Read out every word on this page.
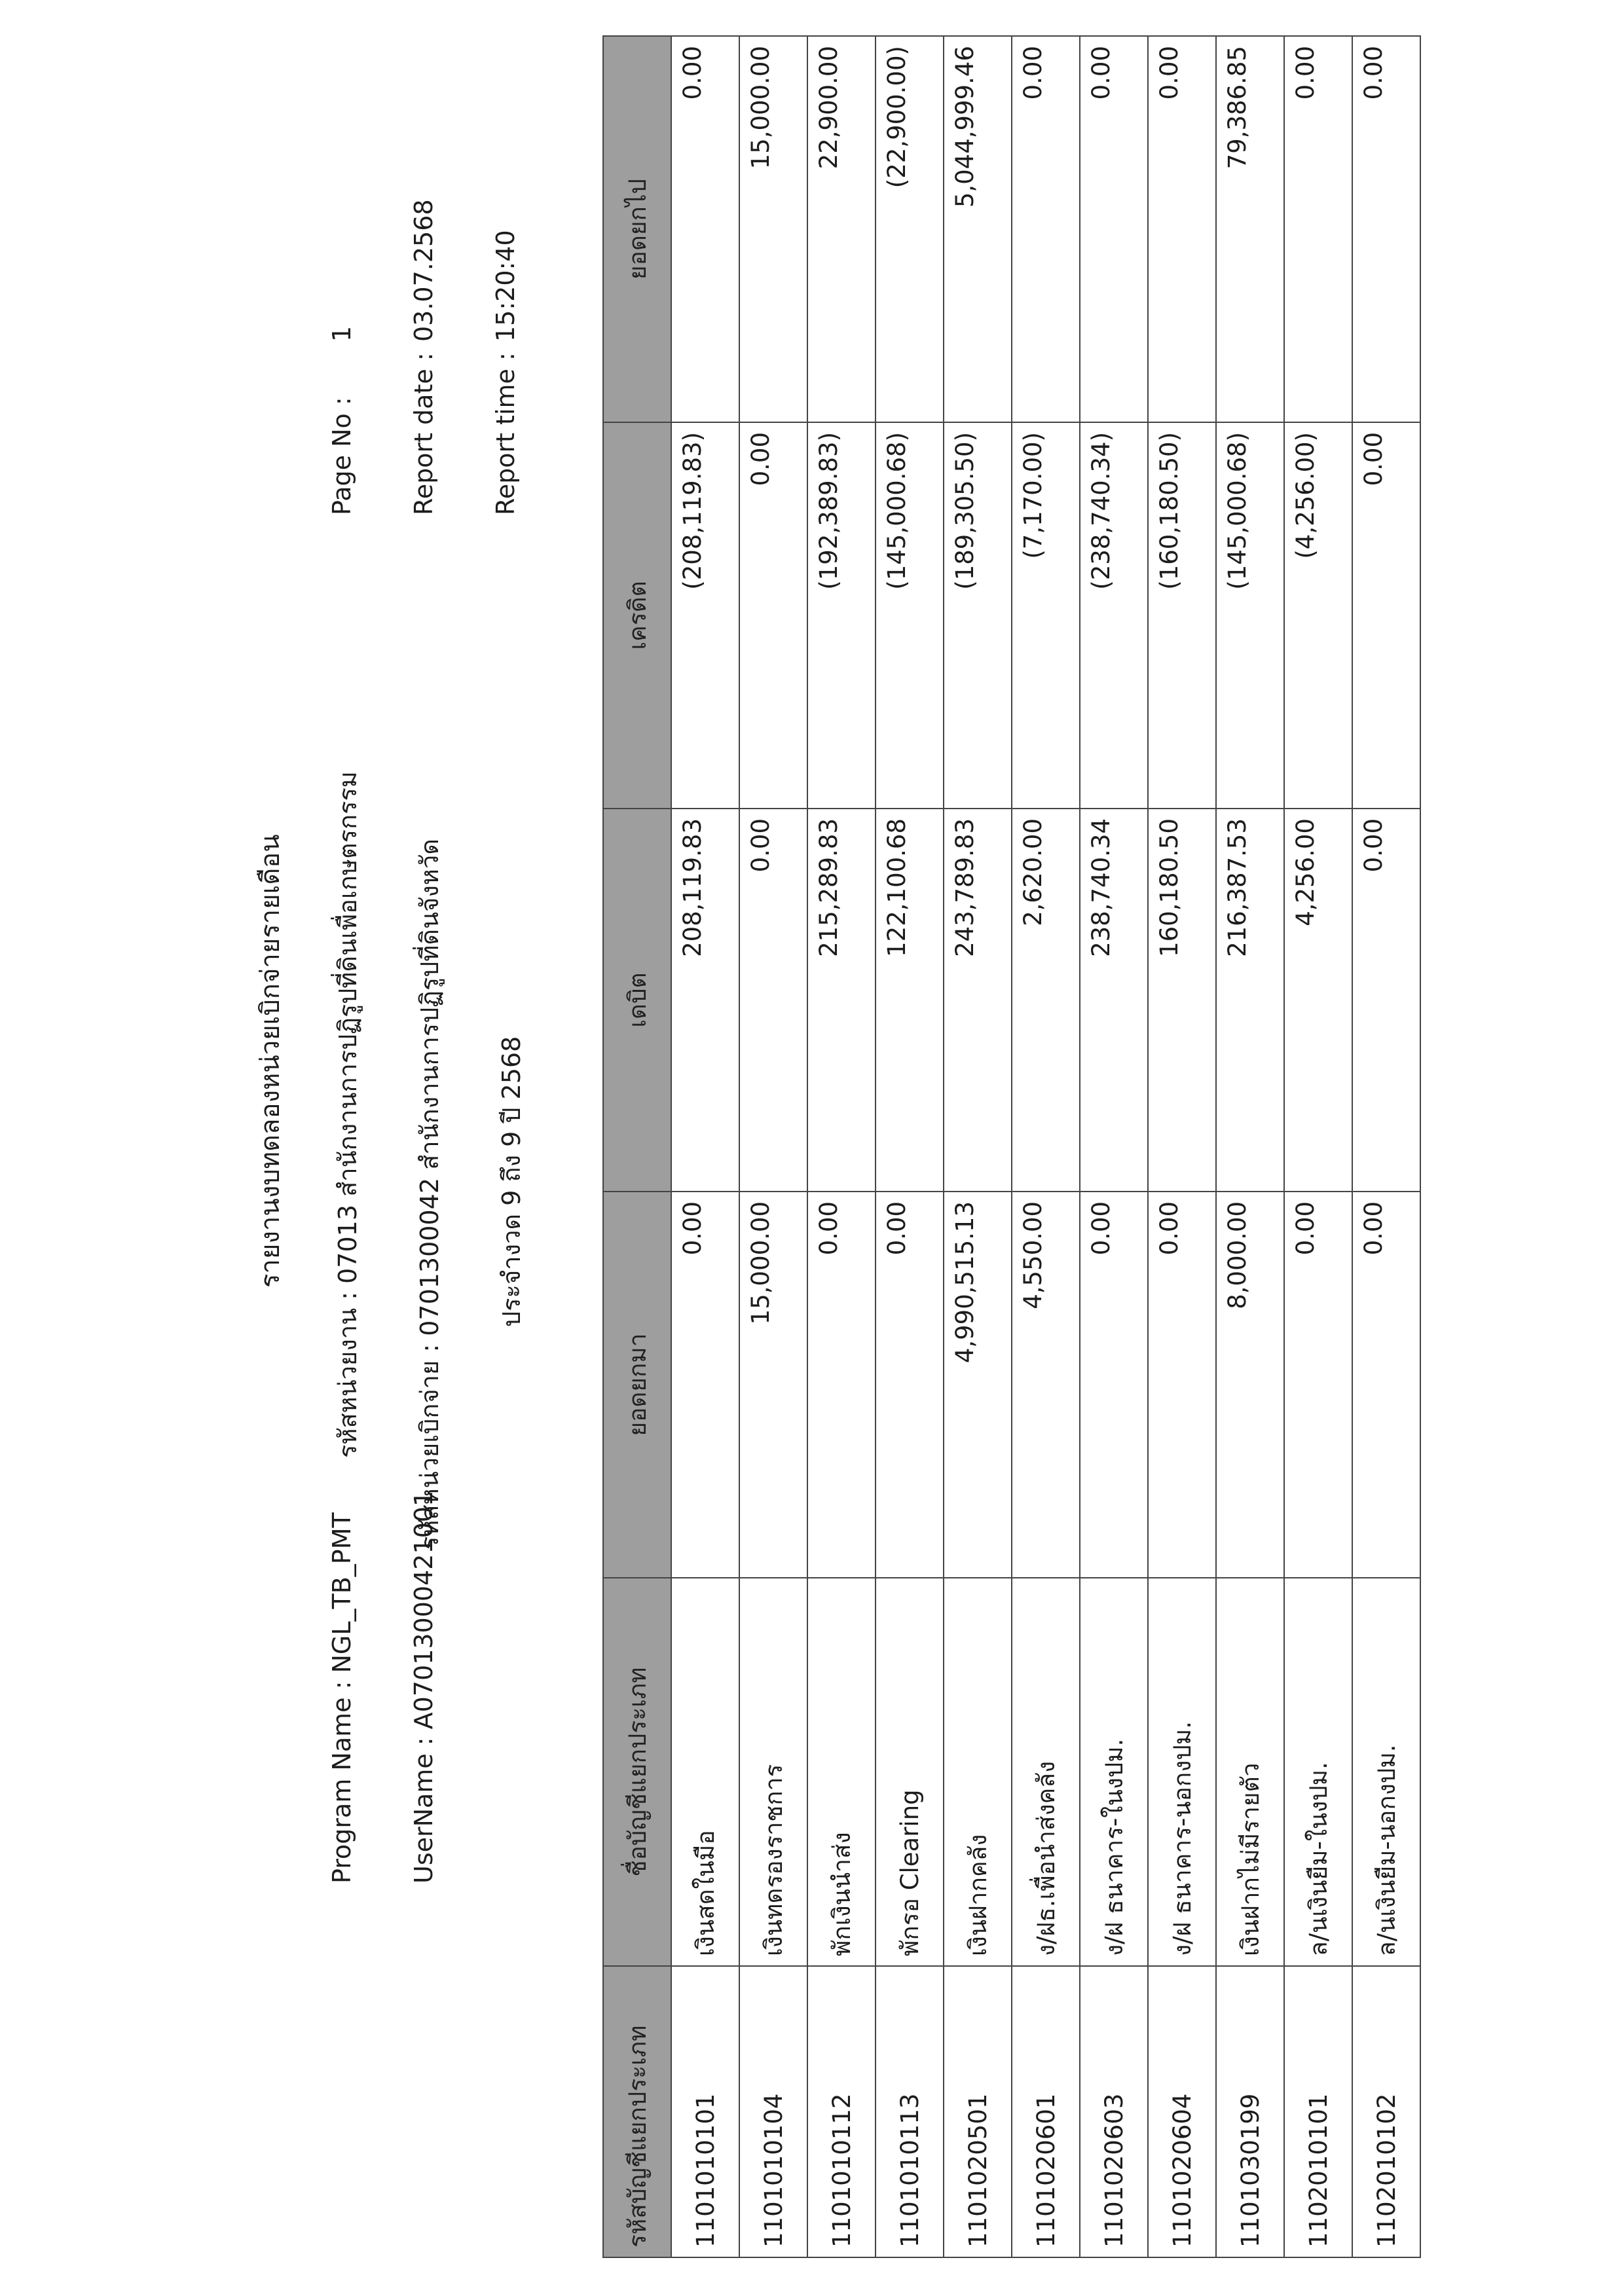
รายงานงบทดลองหน่วยเบิกจ่ายรายเดือน
Program Name : NGL_TB_PMT UserName : A07013000421001
รหัสหน่วยงาน : 07013 สำนักงานการปฏิรูปที่ดินเพื่อเกษตรกรรม รหัสหน่วยเบิกจ่าย : 0701300042 สำนักงานการปฏิรูปที่ดินจังหวัด ประจำงวด 9 ถึง 9 ปี 2568
Page No :
1
Report date :
03.07.2568
Report time :
15:20:40
รหัสบัญชีแยกประเภท	ชื่อบัญชีแยกประเภท	ยอดยกมา	เดบิต	เครดิต	ยอดยกไป
1101010101	เงินสดในมือ	0.00	208,119.83	(208,119.83)	0.00
1101010104	เงินทดรองราชการ	15,000.00	0.00	0.00	15,000.00
1101010112	พักเงินนำส่ง	0.00	215,289.83	(192,389.83)	22,900.00
1101010113	พักรอ Clearing	0.00	122,100.68	(145,000.68)	(22,900.00)
1101020501	เงินฝากคลัง	4,990,515.13	243,789.83	(189,305.50)	5,044,999.46
1101020601	ง/ฝธ.เพื่อนำส่งคลัง	4,550.00	2,620.00	(7,170.00)	0.00
1101020603	ง/ฝ ธนาคาร-ในงปม.	0.00	238,740.34	(238,740.34)	0.00
1101020604	ง/ฝ ธนาคาร-นอกงปม.	0.00	160,180.50	(160,180.50)	0.00
1101030199	เงินฝากไม่มีรายตัว	8,000.00	216,387.53	(145,000.68)	79,386.85
1102010101	ล/นเงินยืม-ในงปม.	0.00	4,256.00	(4,256.00)	0.00
1102010102	ล/นเงินยืม-นอกงปม.	0.00	0.00	0.00	0.00
